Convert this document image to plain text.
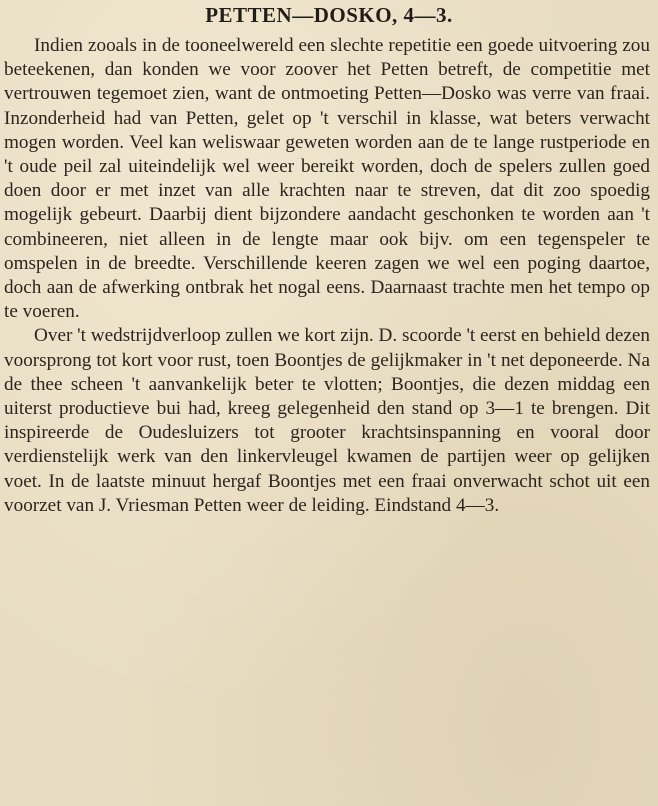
PETTEN—DOSKO, 4—3.

Indien zooals in de tooneelwereld een slechte repetitie een goede uitvoering zou beteekenen, dan konden we voor zoover het Petten betreft, de competitie met vertrouwen tegemoet zien, want de ontmoeting Petten—Dosko was verre van fraai. Inzonderheid had van Petten, gelet op 't verschil in klasse, wat beters verwacht mogen worden. Veel kan weliswaar geweten worden aan de te lange rustperiode en 't oude peil zal uiteindelijk wel weer bereikt worden, doch de spelers zullen goed doen door er met inzet van alle krachten naar te streven, dat dit zoo spoedig mogelijk gebeurt. Daarbij dient bijzondere aandacht geschonken te worden aan 't combineeren, niet alleen in de lengte maar ook bijv. om een tegenspeler te omspelen in de breedte. Verschillende keeren zagen we wel een poging daartoe, doch aan de afwerking ontbrak het nogal eens. Daarnaast trachte men het tempo op te voeren.

Over 't wedstrijdverloop zullen we kort zijn. D. scoorde 't eerst en behield dezen voorsprong tot kort voor rust, toen Boontjes de gelijkmaker in 't net deponeerde. Na de thee scheen 't aanvankelijk beter te vlotten; Boontjes, die dezen middag een uiterst productieve bui had, kreeg gelegenheid den stand op 3—1 te brengen. Dit inspireerde de Oudesluizers tot grooter krachtsinspanning en vooral door verdienstelijk werk van den linkervleugel kwamen de partijen weer op gelijken voet. In de laatste minuut hergaf Boontjes met een fraai onverwacht schot uit een voorzet van J. Vriesman Petten weer de leiding. Eindstand 4—3.
